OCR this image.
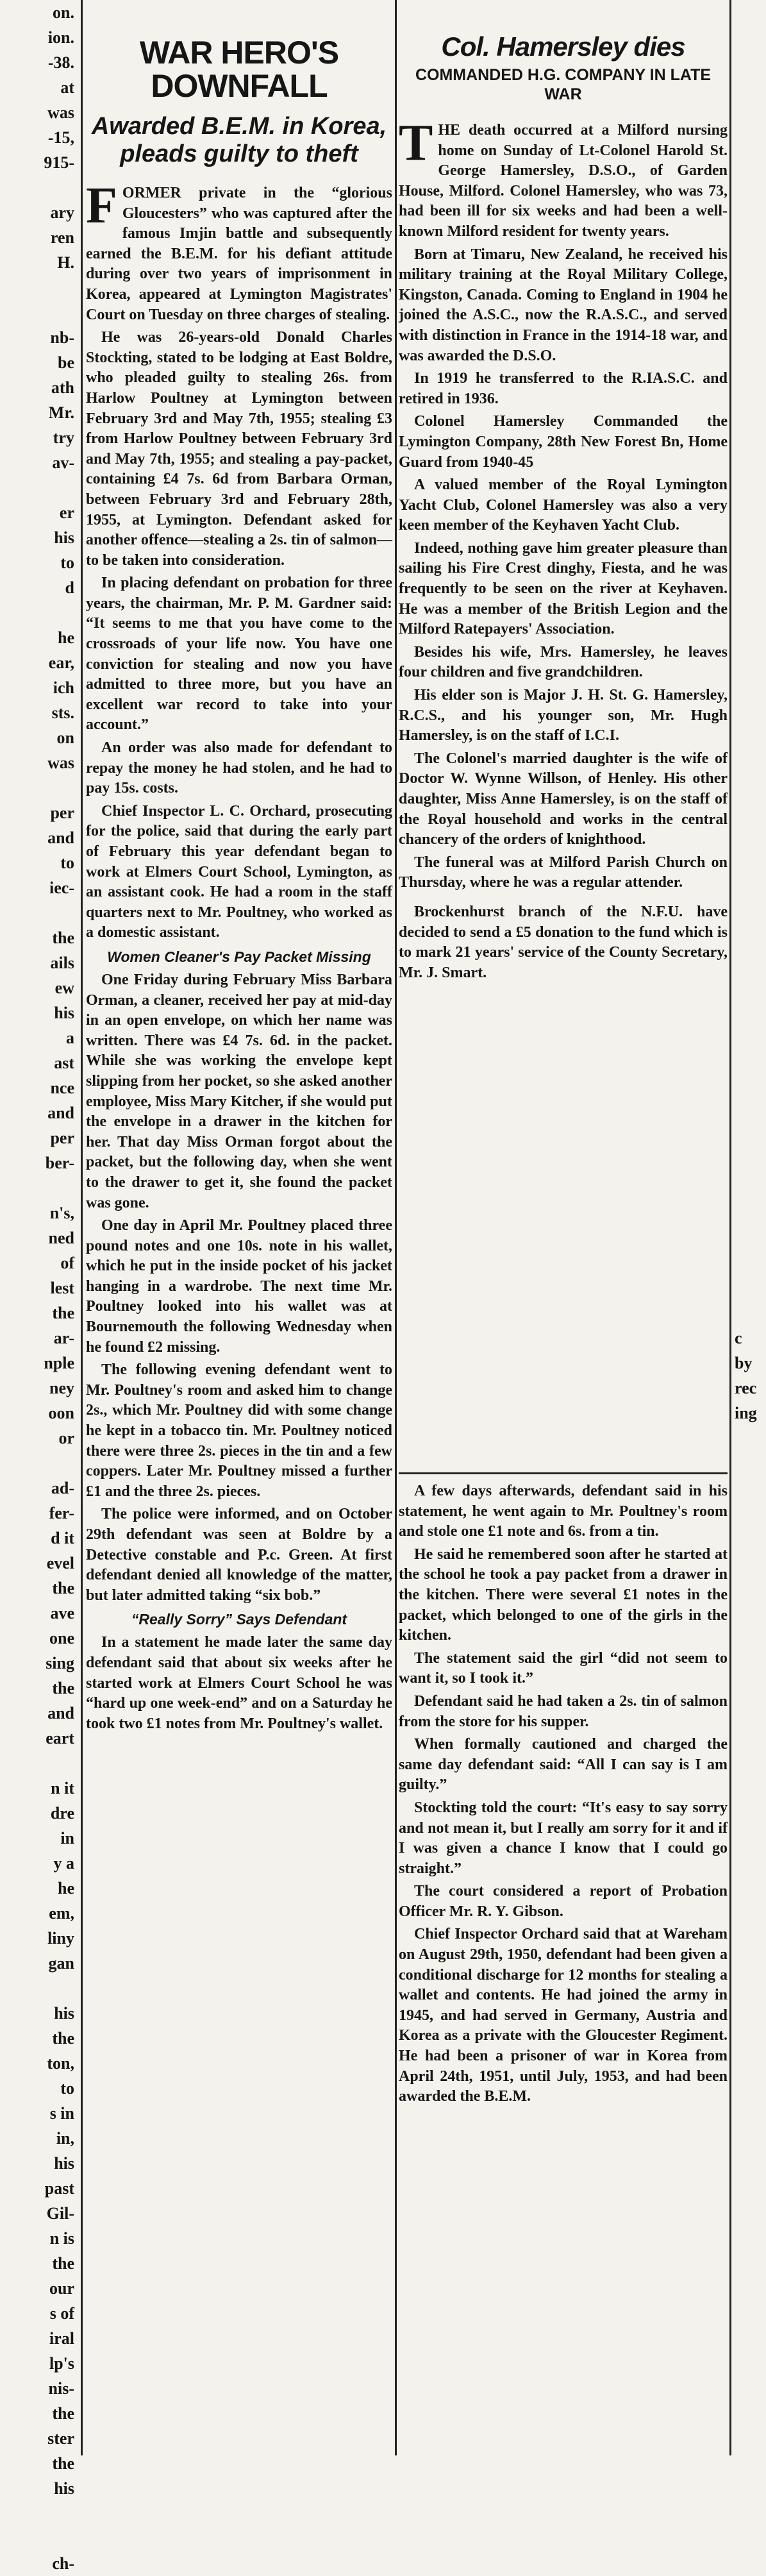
on.

ion.

-38.

at

was

-15,

915-

ary

ren

H.

nb-

be

ath

Mr.

try

av-

er

his

to

d

he

ear,

ich

sts.

on

was

per

and

to

iec-

the

ails

ew

his

a

ast

nce

and

per

ber-

n's,

ned

of

lest

the

ar-

nple

ney

oon

or

ad-

fer-

d it

evel

the

ave

one

sing

the

and

eart

n it

dre

in

y a

he

em,

liny

gan

his

the

ton,

to

s in

in,

his

past

Gil-

n is

the

our

s of

iral

lp's

nis-

the

ster

the

his

ch-

WAR HERO'S DOWNFALL
Awarded B.E.M. in Korea, pleads guilty to theft

FORMER private in the “glorious Gloucesters” who was captured after the famous Imjin battle and subsequently earned the B.E.M. for his defiant attitude during over two years of imprisonment in Korea, appeared at Lymington Magistrates' Court on Tuesday on three charges of stealing.

He was 26-years-old Donald Charles Stockting, stated to be lodging at East Boldre, who pleaded guilty to stealing 26s. from Harlow Poultney at Lymington between February 3rd and May 7th, 1955; stealing £3 from Harlow Poultney between February 3rd and May 7th, 1955; and stealing a pay-packet, containing £4 7s. 6d from Barbara Orman, between February 3rd and February 28th, 1955, at Lymington. Defendant asked for another offence—stealing a 2s. tin of salmon—to be taken into consideration.

In placing defendant on probation for three years, the chairman, Mr. P. M. Gardner said: “It seems to me that you have come to the crossroads of your life now. You have one conviction for stealing and now you have admitted to three more, but you have an excellent war record to take into your account.”

An order was also made for defendant to repay the money he had stolen, and he had to pay 15s. costs.

Chief Inspector L. C. Orchard, prosecuting for the police, said that during the early part of February this year defendant began to work at Elmers Court School, Lymington, as an assistant cook. He had a room in the staff quarters next to Mr. Poultney, who worked as a domestic assistant.

Women Cleaner's Pay Packet Missing

One Friday during February Miss Barbara Orman, a cleaner, received her pay at mid-day in an open envelope, on which her name was written. There was £4 7s. 6d. in the packet. While she was working the envelope kept slipping from her pocket, so she asked another employee, Miss Mary Kitcher, if she would put the envelope in a drawer in the kitchen for her. That day Miss Orman forgot about the packet, but the following day, when she went to the drawer to get it, she found the packet was gone.

One day in April Mr. Poultney placed three pound notes and one 10s. note in his wallet, which he put in the inside pocket of his jacket hanging in a wardrobe. The next time Mr. Poultney looked into his wallet was at Bournemouth the following Wednesday when he found £2 missing.

The following evening defendant went to Mr. Poultney's room and asked him to change 2s., which Mr. Poultney did with some change he kept in a tobacco tin. Mr. Poultney noticed there were three 2s. pieces in the tin and a few coppers. Later Mr. Poultney missed a further £1 and the three 2s. pieces.

The police were informed, and on October 29th defendant was seen at Boldre by a Detective constable and P.c. Green. At first defendant denied all knowledge of the matter, but later admitted taking “six bob.”

“Really Sorry” Says Defendant

In a statement he made later the same day defendant said that about six weeks after he started work at Elmers Court School he was “hard up one week-end” and on a Saturday he took two £1 notes from Mr. Poultney's wallet.

Col. Hamersley dies
COMMANDED H.G. COMPANY IN LATE WAR

THE death occurred at a Milford nursing home on Sunday of Lt-Colonel Harold St. George Hamersley, D.S.O., of Garden House, Milford. Colonel Hamersley, who was 73, had been ill for six weeks and had been a well-known Milford resident for twenty years.

Born at Timaru, New Zealand, he received his military training at the Royal Military College, Kingston, Canada. Coming to England in 1904 he joined the A.S.C., now the R.A.S.C., and served with distinction in France in the 1914-18 war, and was awarded the D.S.O.

In 1919 he transferred to the R.IA.S.C. and retired in 1936.

Colonel Hamersley Commanded the Lymington Company, 28th New Forest Bn, Home Guard from 1940-45

A valued member of the Royal Lymington Yacht Club, Colonel Hamersley was also a very keen member of the Keyhaven Yacht Club.

Indeed, nothing gave him greater pleasure than sailing his Fire Crest dinghy, Fiesta, and he was frequently to be seen on the river at Keyhaven. He was a member of the British Legion and the Milford Ratepayers' Association.

Besides his wife, Mrs. Hamersley, he leaves four children and five grandchildren.

His elder son is Major J. H. St. G. Hamersley, R.C.S., and his younger son, Mr. Hugh Hamersley, is on the staff of I.C.I.

The Colonel's married daughter is the wife of Doctor W. Wynne Willson, of Henley. His other daughter, Miss Anne Hamersley, is on the staff of the Royal household and works in the central chancery of the orders of knighthood.

The funeral was at Milford Parish Church on Thursday, where he was a regular attender.

Brockenhurst branch of the N.F.U. have decided to send a £5 donation to the fund which is to mark 21 years' service of the County Secretary, Mr. J. Smart.

A few days afterwards, defendant said in his statement, he went again to Mr. Poultney's room and stole one £1 note and 6s. from a tin.

He said he remembered soon after he started at the school he took a pay packet from a drawer in the kitchen. There were several £1 notes in the packet, which belonged to one of the girls in the kitchen.

The statement said the girl “did not seem to want it, so I took it.”

Defendant said he had taken a 2s. tin of salmon from the store for his supper.

When formally cautioned and charged the same day defendant said: “All I can say is I am guilty.”

Stockting told the court: “It's easy to say sorry and not mean it, but I really am sorry for it and if I was given a chance I know that I could go straight.”

The court considered a report of Probation Officer Mr. R. Y. Gibson.

Chief Inspector Orchard said that at Wareham on August 29th, 1950, defendant had been given a conditional discharge for 12 months for stealing a wallet and contents. He had joined the army in 1945, and had served in Germany, Austria and Korea as a private with the Gloucester Regiment. He had been a prisoner of war in Korea from April 24th, 1951, until July, 1953, and had been awarded the B.E.M.

c

by

rec

ing
